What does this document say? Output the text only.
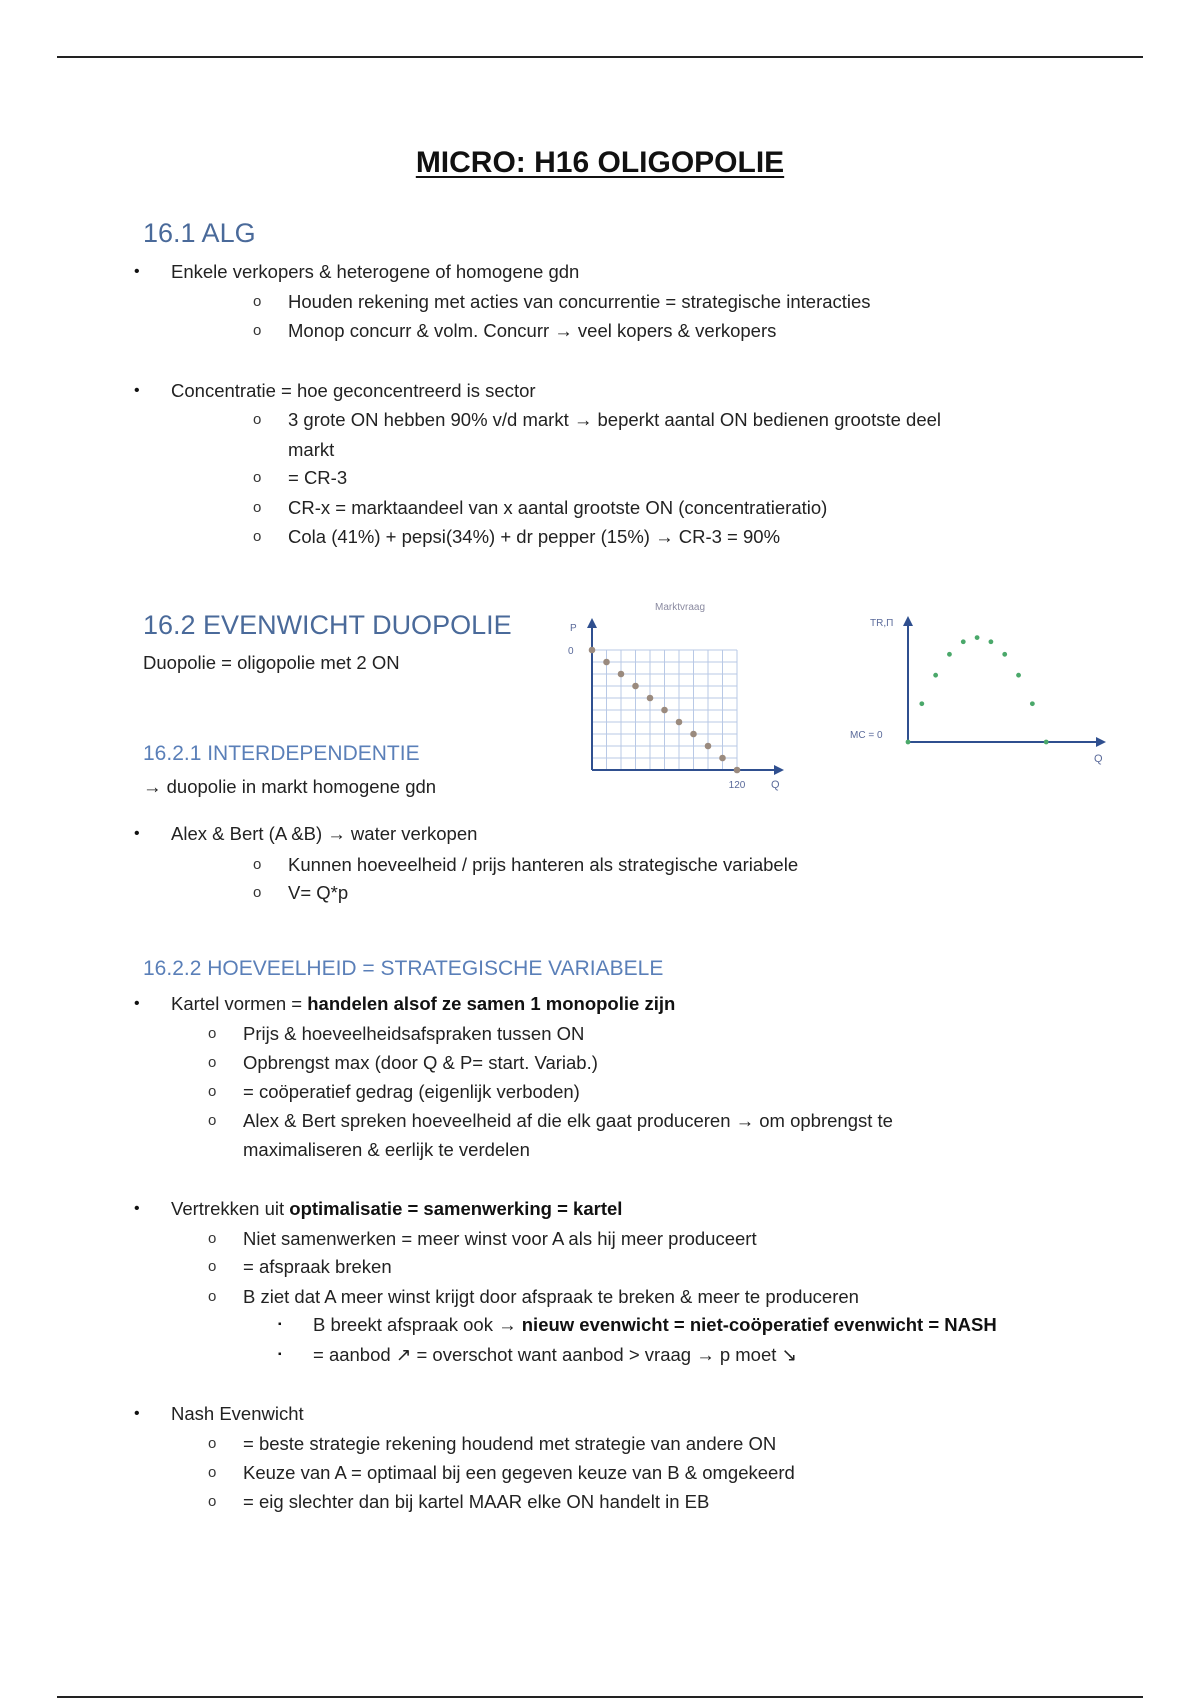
MICRO: H16 OLIGOPOLIE
16.1 ALG
• Enkele verkopers & heterogene of homogene gdn
o Houden rekening met acties van concurrentie = strategische interacties
o Monop concurr & volm. Concurr → veel kopers & verkopers
• Concentratie = hoe geconcentreerd is sector
o 3 grote ON hebben 90% v/d markt → beperkt aantal ON bedienen grootste deel
markt
o = CR-3
o CR-x = marktaandeel van x aantal grootste ON (concentratieratio)
o Cola (41%) + pepsi(34%) + dr pepper (15%) → CR-3 = 90%
16.2 EVENWICHT DUOPOLIE
Duopolie = oligopolie met 2 ON
16.2.1 INTERDEPENDENTIE
→ duopolie in markt homogene gdn
• Alex & Bert (A &B) → water verkopen
o Kunnen hoeveelheid / prijs hanteren als strategische variabele
o V= Q*p
Marktvraag
P
0
120 Q
TR,Π
MC = 0
Q
16.2.2 HOEVEELHEID = STRATEGISCHE VARIABELE
• Kartel vormen = handelen alsof ze samen 1 monopolie zijn
o Prijs & hoeveelheidsafspraken tussen ON
o Opbrengst max (door Q & P= start. Variab.)
o = coöperatief gedrag (eigenlijk verboden)
o Alex & Bert spreken hoeveelheid af die elk gaat produceren → om opbrengst te
maximaliseren & eerlijk te verdelen
• Vertrekken uit optimalisatie = samenwerking = kartel
o Niet samenwerken = meer winst voor A als hij meer produceert
o = afspraak breken
o B ziet dat A meer winst krijgt door afspraak te breken & meer te produceren
▪ B breekt afspraak ook → nieuw evenwicht = niet-coöperatief evenwicht = NASH
▪ = aanbod ↗ = overschot want aanbod > vraag → p moet ↘
• Nash Evenwicht
o = beste strategie rekening houdend met strategie van andere ON
o Keuze van A = optimaal bij een gegeven keuze van B & omgekeerd
o = eig slechter dan bij kartel MAAR elke ON handelt in EB
